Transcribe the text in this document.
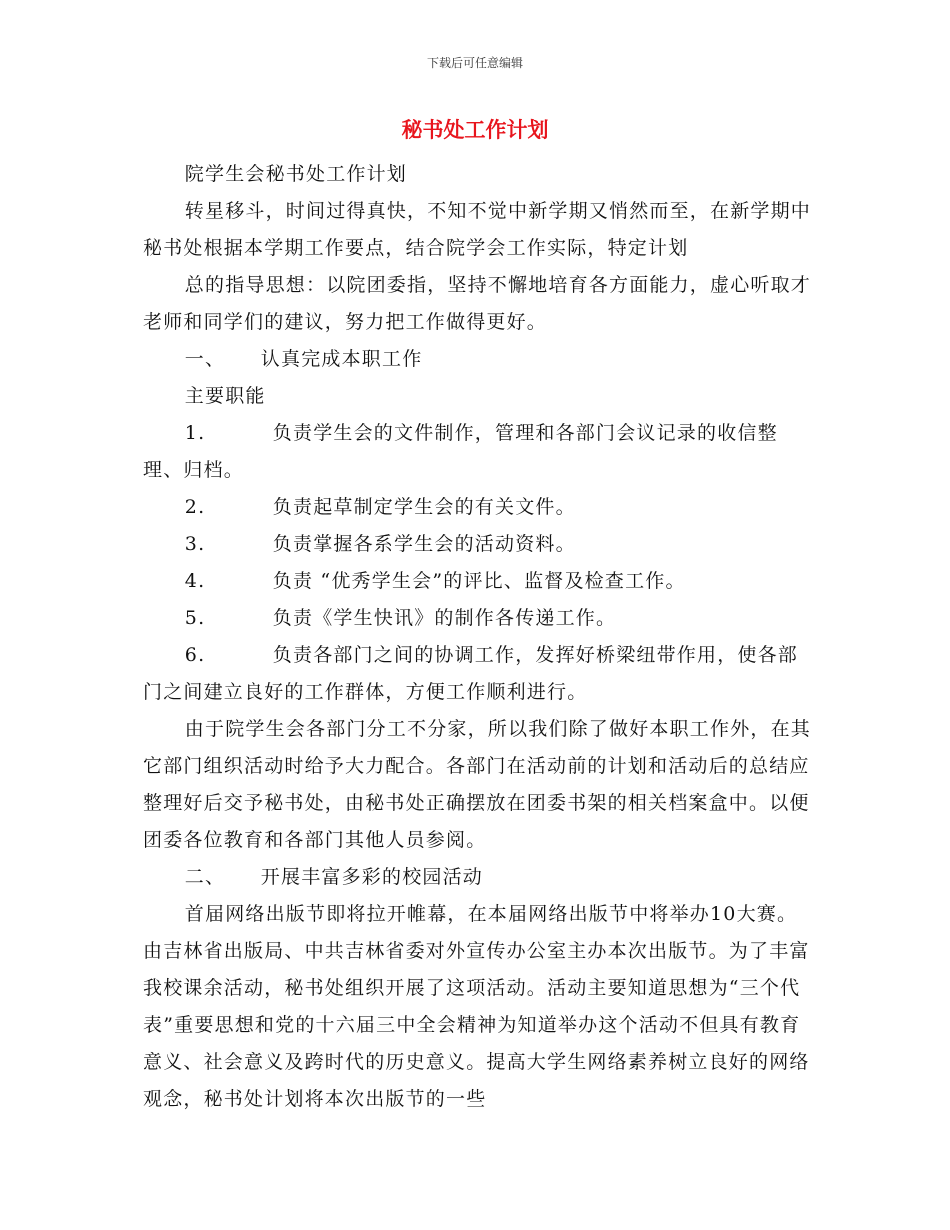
下载后可任意编辑
秘书处工作计划

院学生会秘书处工作计划

转星移斗，时间过得真快，不知不觉中新学期又悄然而至，在新学期中秘书处根据本学期工作要点，结合院学会工作实际，特定计划

总的指导思想：以院团委指，坚持不懈地培育各方面能力，虚心听取才老师和同学们的建议，努力把工作做得更好。

一、 认真完成本职工作

主要职能

1.	负责学生会的文件制作，管理和各部门会议记录的收信整理、归档。

2.	负责起草制定学生会的有关文件。

3.	负责掌握各系学生会的活动资料。

4.	负责 “优秀学生会”的评比、监督及检查工作。

5.	负责《学生快讯》的制作各传递工作。

6.	负责各部门之间的协调工作，发挥好桥梁纽带作用，使各部门之间建立良好的工作群体，方便工作顺利进行。

由于院学生会各部门分工不分家，所以我们除了做好本职工作外，在其它部门组织活动时给予大力配合。各部门在活动前的计划和活动后的总结应整理好后交予秘书处，由秘书处正确摆放在团委书架的相关档案盒中。以便团委各位教育和各部门其他人员参阅。

二、 开展丰富多彩的校园活动

首届网络出版节即将拉开帷幕，在本届网络出版节中将举办10大赛。由吉林省出版局、中共吉林省委对外宣传办公室主办本次出版节。为了丰富我校课余活动，秘书处组织开展了这项活动。活动主要知道思想为“三个代表”重要思想和党的十六届三中全会精神为知道举办这个活动不但具有教育意义、社会意义及跨时代的历史意义。提高大学生网络素养树立良好的网络观念，秘书处计划将本次出版节的一些
